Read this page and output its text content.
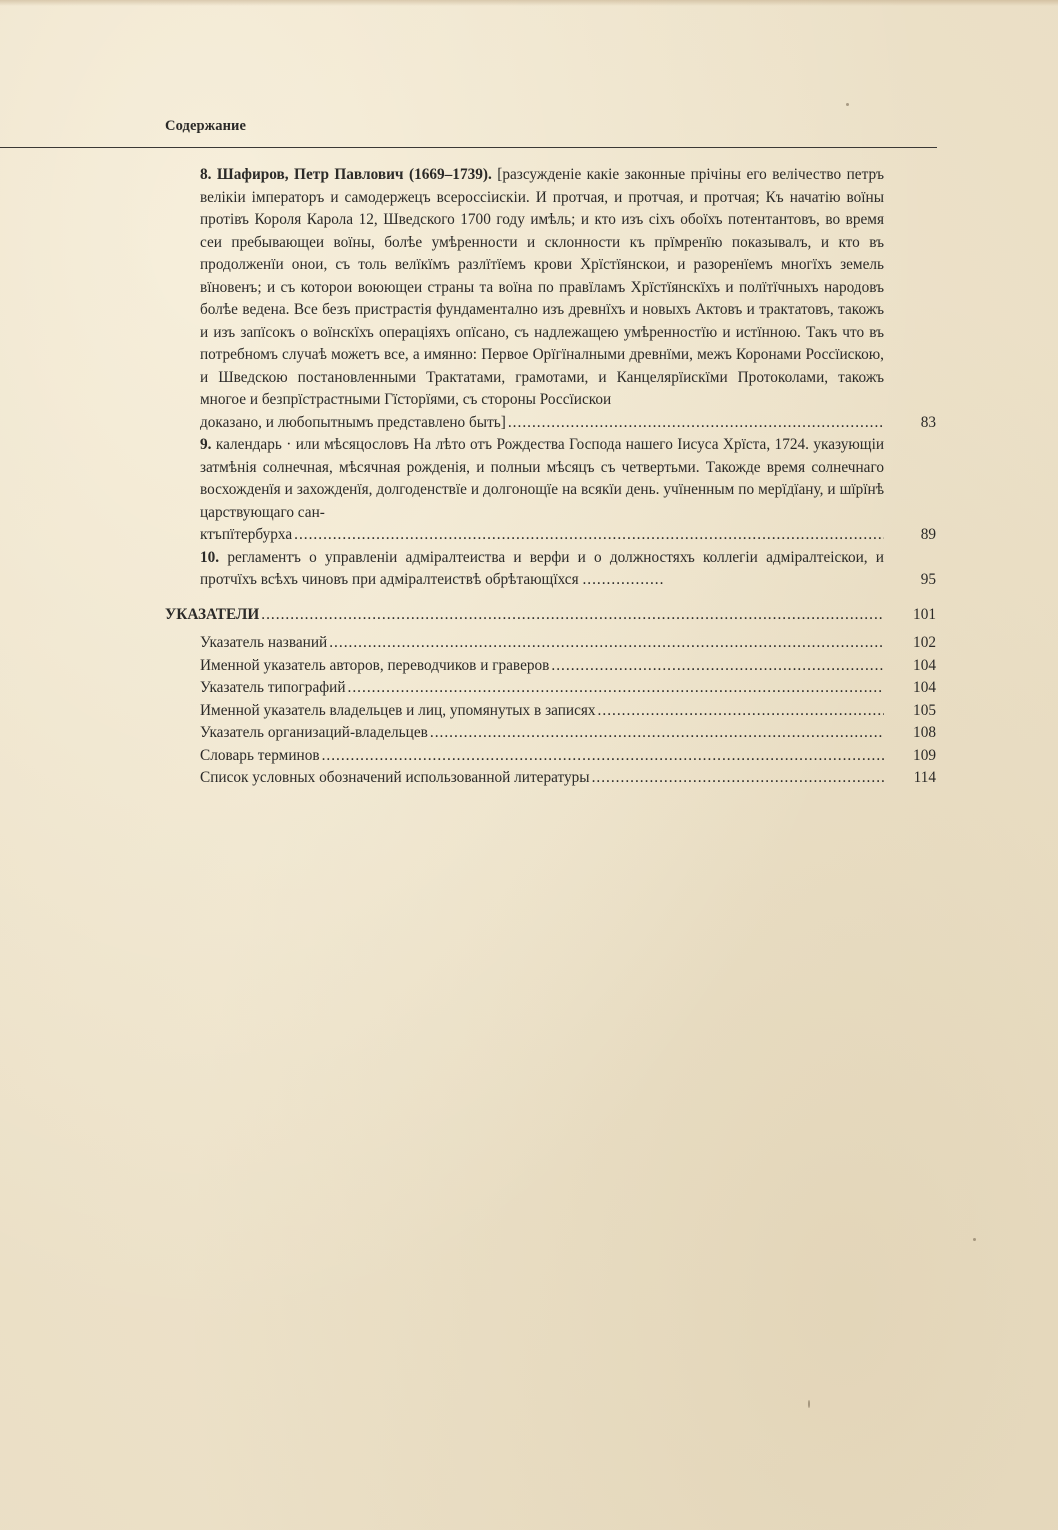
Содержание
8. Шафиров, Петр Павлович (1669–1739). [разсужденіе какіе законные прічіны его велічество петръ велікіи імператоръ и самодержецъ всероссіискіи. И протчая, и протчая, и протчая; Къ начатію воїны протівъ Короля Карола 12, Шведского 1700 году имѣль; и кто изъ сіхъ обоїхъ потентантовъ, во время сеи пребывающеи воїны, болѣе умѣренности и склонности къ прїмренїю показывалъ, и кто въ продолженїи онои, съ толь велїкїмъ разлїтїемъ крови Хрїстїянскои, и разоренїемъ многїхъ земель вїновенъ; и съ которои воюющеи страны та воїна по правїламъ Хрїстїянскїхъ и полїтїчныхъ народовъ болѣе ведена. Все безъ пристрастія фундаментално изъ древнїхъ и новыхъ Актовъ и трактатовъ, такожъ и изъ запїсокъ о воїнскїхъ операціяхъ опїсано, съ надлежащею умѣренностїю и истїнною. Такъ что въ потребномъ случаѣ можетъ все, а имянно: Первое Орїгїналными древнїми, межъ Коронами Россїискою, и Шведскою постановленными Трактатами, грамотами, и Канцелярїискїми Протоколами, такожъ многое и безпрїстрастными Гїсторїями, съ стороны Россїискои
доказано, и любопытнымъ представлено быть] .....	83
9. календарь · или мѣсяцословъ На лѣто отъ Рождества Господа нашего Іисуса Хрїста, 1724. указующіи затмѣнія солнечная, мѣсячная рожденія, и полныи мѣсяцъ съ четвертьми. Такожде время солнечнаго восхожденїя и захожденїя, долгоденствїе и долгонощїе на всякїи день. учїненным по мерїдїану, и шїрїнѣ царствующаго сан-
ктъпїтербурха .....	89
10. регламентъ о управленіи адміралтеиства и верфи и о должностяхъ коллегіи адміралтеіскои, и протчїхъ всѣхъ чиновъ при адміралтеиствѣ обрѣтающїхся .................	95
УКАЗАТЕЛИ .....	101
Указатель названий .....	102
Именной указатель авторов, переводчиков и граверов .....	104
Указатель типографий .....	104
Именной указатель владельцев и лиц, упомянутых в записях .....	105
Указатель организаций-владельцев .....	108
Словарь терминов .....	109
Список условных обозначений использованной литературы .....	114
